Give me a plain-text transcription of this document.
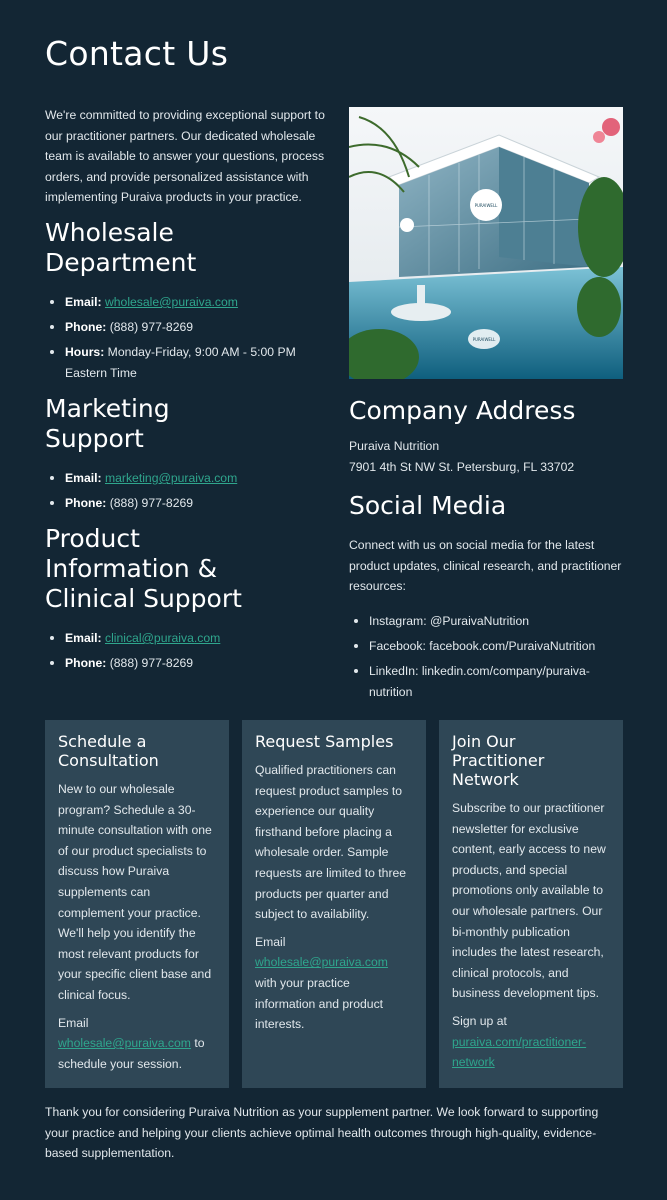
Contact Us

We're committed to providing exceptional support to our practitioner partners. Our dedicated wholesale team is available to answer your questions, process orders, and provide personalized assistance with implementing Puraiva products in your practice.

Wholesale Department
Email: wholesale@puraiva.com
Phone: (888) 977-8269
Hours: Monday-Friday, 9:00 AM - 5:00 PM Eastern Time
Marketing Support
Email: marketing@puraiva.com
Phone: (888) 977-8269
Product Information & Clinical Support
Email: clinical@puraiva.com
Phone: (888) 977-8269
PURAIWELL
PURAIWELL
Company Address
Puraiva Nutrition
7901 4th St NW St. Petersburg, FL 33702
Social Media

Connect with us on social media for the latest product updates, clinical research, and practitioner resources:

Instagram: @PuraivaNutrition
Facebook: facebook.com/PuraivaNutrition
LinkedIn: linkedin.com/company/puraiva-nutrition
Schedule a Consultation

New to our wholesale program? Schedule a 30-minute consultation with one of our product specialists to discuss how Puraiva supplements can complement your practice. We'll help you identify the most relevant products for your specific client base and clinical focus.

Email wholesale@puraiva.com to schedule your session.

Request Samples

Qualified practitioners can request product samples to experience our quality firsthand before placing a wholesale order. Sample requests are limited to three products per quarter and subject to availability.

Email wholesale@puraiva.com with your practice information and product interests.

Join Our Practitioner Network

Subscribe to our practitioner newsletter for exclusive content, early access to new products, and special promotions only available to our wholesale partners. Our bi-monthly publication includes the latest research, clinical protocols, and business development tips.

Sign up at puraiva.com/practitioner-network

Thank you for considering Puraiva Nutrition as your supplement partner. We look forward to supporting your practice and helping your clients achieve optimal health outcomes through high-quality, evidence-based supplementation.
